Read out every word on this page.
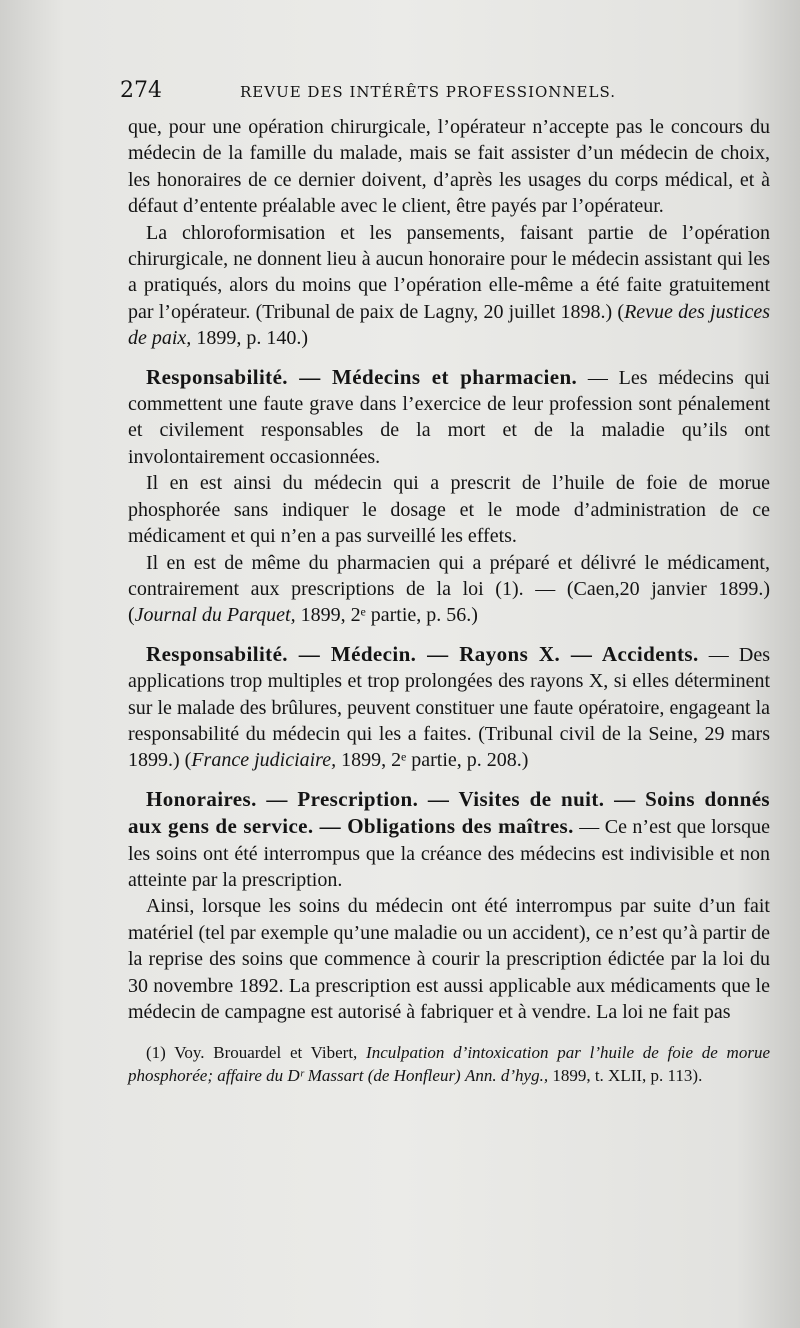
274	REVUE DES INTÉRÊTS PROFESSIONNELS.

que, pour une opération chirurgicale, l’opérateur n’accepte pas le concours du médecin de la famille du malade, mais se fait assister d’un médecin de choix, les honoraires de ce dernier doivent, d’après les usages du corps médical, et à défaut d’entente préalable avec le client, être payés par l’opérateur.

La chloroformisation et les pansements, faisant partie de l’opération chirurgicale, ne donnent lieu à aucun honoraire pour le médecin assistant qui les a pratiqués, alors du moins que l’opération elle-même a été faite gratuitement par l’opérateur. (Tribunal de paix de Lagny, 20 juillet 1898.) (Revue des justices de paix, 1899, p. 140.)

Responsabilité. — Médecins et pharmacien. — Les médecins qui commettent une faute grave dans l’exercice de leur profession sont pénalement et civilement responsables de la mort et de la maladie qu’ils ont involontairement occasionnées.

Il en est ainsi du médecin qui a prescrit de l’huile de foie de morue phosphorée sans indiquer le dosage et le mode d’administration de ce médicament et qui n’en a pas surveillé les effets.

Il en est de même du pharmacien qui a préparé et délivré le médicament, contrairement aux prescriptions de la loi (1). — (Caen,20 janvier 1899.) (Journal du Parquet, 1899, 2ᵉ partie, p. 56.)

Responsabilité. — Médecin. — Rayons X. — Accidents. — Des applications trop multiples et trop prolongées des rayons X, si elles déterminent sur le malade des brûlures, peuvent constituer une faute opératoire, engageant la responsabilité du médecin qui les a faites. (Tribunal civil de la Seine, 29 mars 1899.) (France judiciaire, 1899, 2ᵉ partie, p. 208.)

Honoraires. — Prescription. — Visites de nuit. — Soins donnés aux gens de service. — Obligations des maîtres. — Ce n’est que lorsque les soins ont été interrompus que la créance des médecins est indivisible et non atteinte par la prescription.

Ainsi, lorsque les soins du médecin ont été interrompus par suite d’un fait matériel (tel par exemple qu’une maladie ou un accident), ce n’est qu’à partir de la reprise des soins que commence à courir la prescription édictée par la loi du 30 novembre 1892. La prescription est aussi applicable aux médicaments que le médecin de campagne est autorisé à fabriquer et à vendre. La loi ne fait pas

(1) Voy. Brouardel et Vibert, Inculpation d’intoxication par l’huile de foie de morue phosphorée; affaire du Dʳ Massart (de Honfleur) Ann. d’hyg., 1899, t. XLII, p. 113).
